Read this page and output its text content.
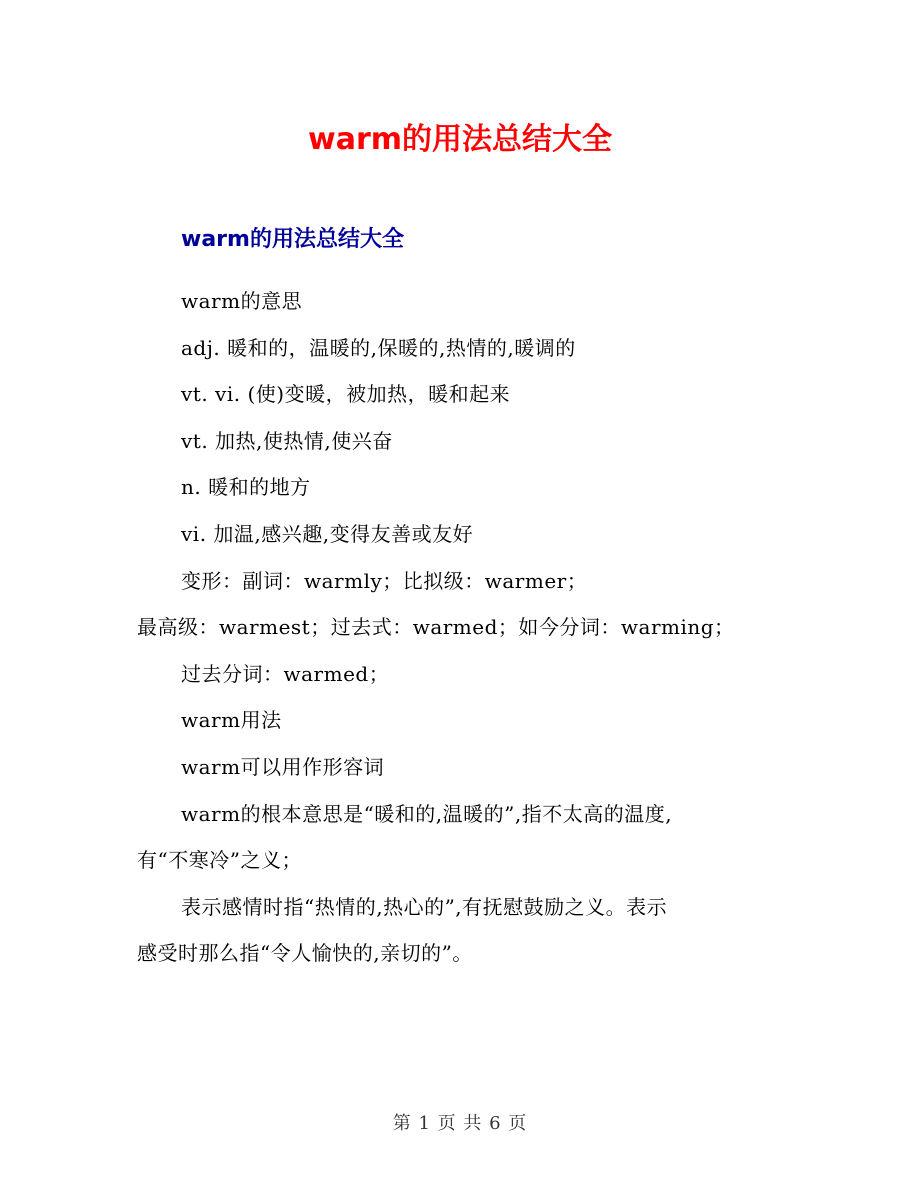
warm的用法总结大全
warm的用法总结大全

warm的意思

adj. 暖和的，温暖的,保暖的,热情的,暖调的

vt. vi. (使)变暖，被加热，暖和起来

vt. 加热,使热情,使兴奋

n. 暖和的地方

vi. 加温,感兴趣,变得友善或友好

变形：副词：warmly；比拟级：warmer；

最高级：warmest；过去式：warmed；如今分词：warming；

过去分词：warmed；

warm用法

warm可以用作形容词

warm的根本意思是“暖和的,温暖的”,指不太高的温度,

有“不寒冷”之义；

表示感情时指“热情的,热心的”,有抚慰鼓励之义。表示

感受时那么指“令人愉快的,亲切的”。

第 1 页 共 6 页
